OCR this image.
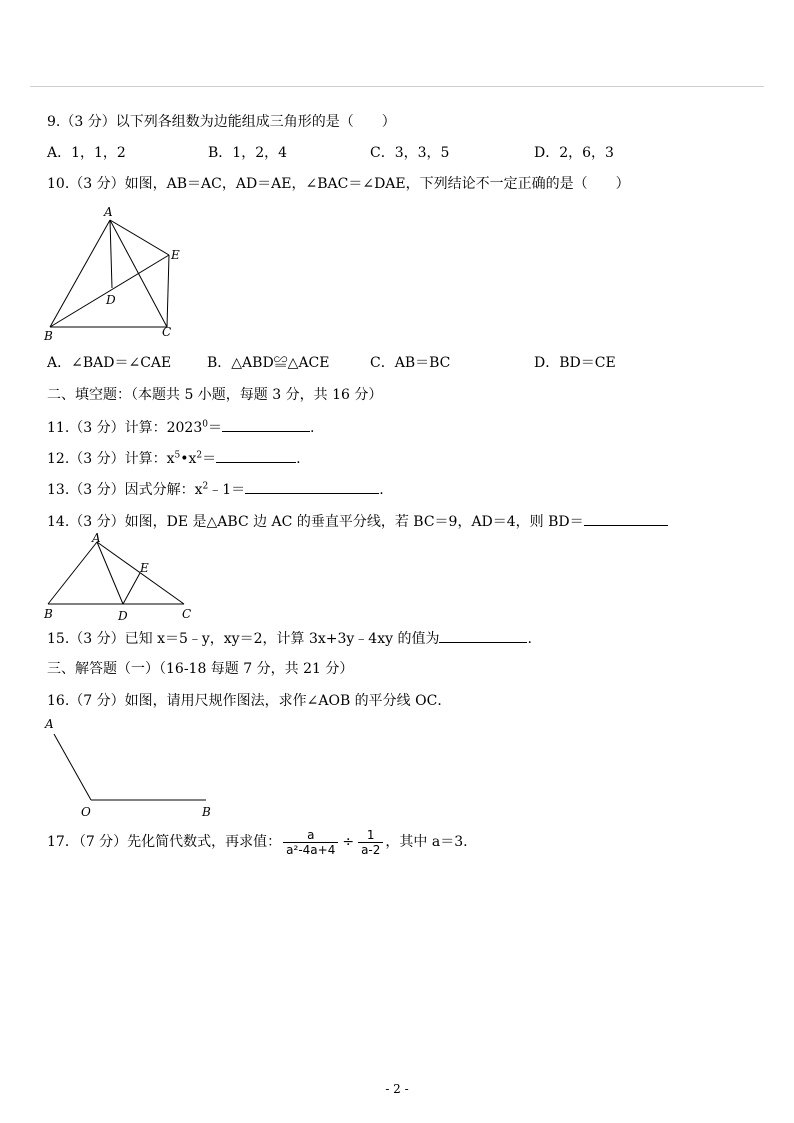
9.（3 分）以下列各组数为边能组成三角形的是（　　）
A．1，1，2	B．1，2，4	C．3，3，5	D．2，6，3
10.（3 分）如图，AB＝AC，AD＝AE，∠BAC＝∠DAE，下列结论不一定正确的是（　　）
A
B	C
D
E
A．∠BAD＝∠CAE	B．△ABD≌△ACE	C．AB＝BC	D．BD＝CE
二、填空题：（本题共 5 小题，每题 3 分，共 16 分）
11.（3 分）计算：$2023^0=$	.
12.（3 分）计算：$x^5•x^2=$	.
13.（3 分）因式分解：$x^2﹣1=$	.
14.（3 分）如图，DE 是△ABC 边 AC 的垂直平分线，若 BC＝9，AD＝4，则 BD＝
A
B	C
D
E
15.（3 分）已知 x＝5﹣y，xy＝2，计算 3x+3y﹣4xy 的值为	.
三、解答题（一）（16-18 每题 7 分，共 21 分）
16.（7 分）如图，请用尺规作图法，求作∠AOB 的平分线 OC．
A
O	B
17．（7 分）先化简代数式，再求值： $\frac{a}{\text{a²-4a+4}} \div \frac{1}{a-2}$ ，其中 a＝3.
- 2 -
